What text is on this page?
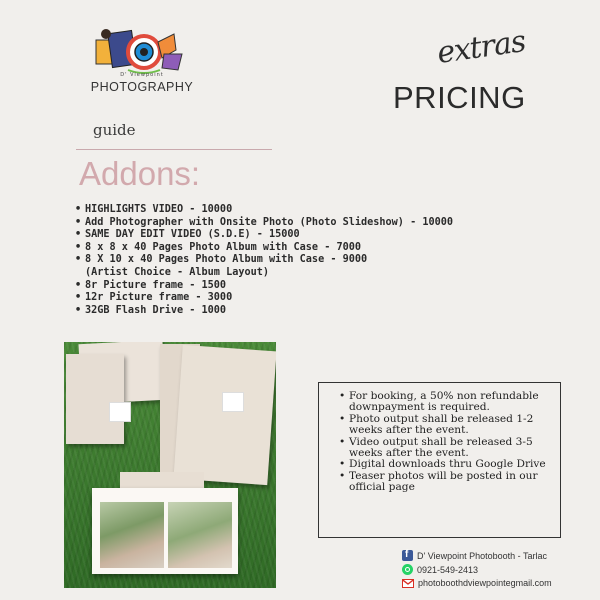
D' Viewpoint
PHOTOGRAPHY
extras
PRICING
guide
Addons:
• HIGHLIGHTS VIDEO - 10000
• Add Photographer with Onsite Photo (Photo Slideshow) - 10000
• SAME DAY EDIT VIDEO (S.D.E) - 15000
• 8 x 8 x 40 Pages Photo Album with Case - 7000
• 8 X 10 x 40 Pages Photo Album with Case - 9000
(Artist Choice - Album Layout)
• 8r Picture frame - 1500
• 12r Picture frame - 3000
• 32GB Flash Drive - 1000
• For booking, a 50% non refundable downpayment is required.
• Photo output shall be released 1-2 weeks after the event.
• Video output shall be released 3-5 weeks after the event.
• Digital downloads thru Google Drive
• Teaser photos will be posted in our official page
f
D' Viewpoint Photobooth - Tarlac
0921-549-2413
photoboothdviewpointegmail.com
